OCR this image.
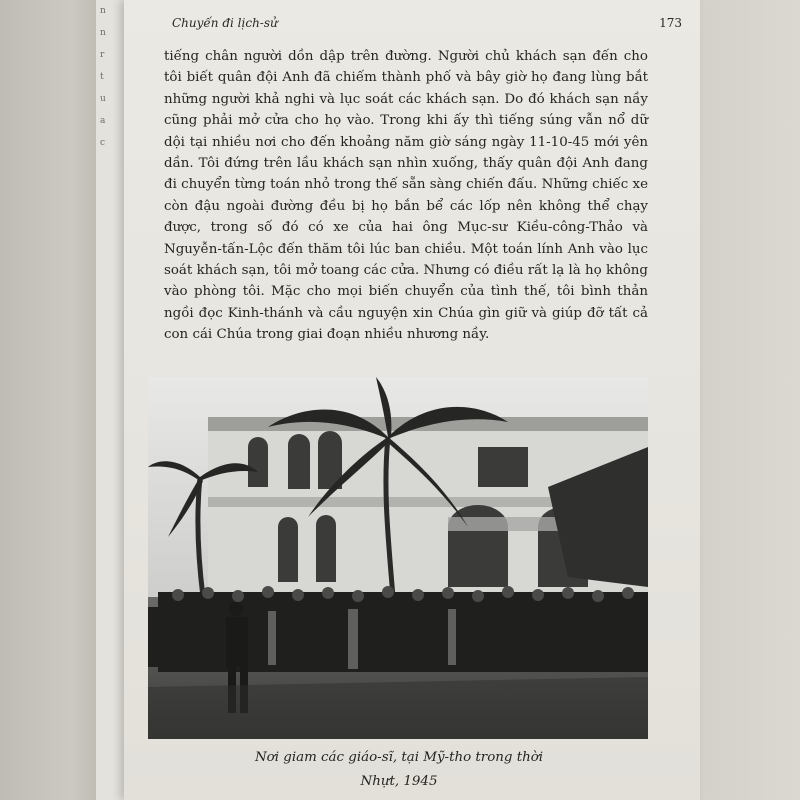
n
n
r
t
u
a
c
Chuyến đi lịch-sử	173

tiếng chân người dồn dập trên đường. Người chủ khách sạn đến cho tôi biết quân đội Anh đã chiếm thành phố và bây giờ họ đang lùng bắt những người khả nghi và lục soát các khách sạn. Do đó khách sạn nầy cũng phải mở cửa cho họ vào. Trong khi ấy thì tiếng súng vẫn nổ dữ dội tại nhiều nơi cho đến khoảng năm giờ sáng ngày 11-10-45 mới yên dần. Tôi đứng trên lầu khách sạn nhìn xuống, thấy quân đội Anh đang đi chuyển từng toán nhỏ trong thế sẵn sàng chiến đấu. Những chiếc xe còn đậu ngoài đường đều bị họ bắn bể các lốp nên không thể chạy được, trong số đó có xe của hai ông Mục-sư Kiều-công-Thảo và Nguyễn-tấn-Lộc đến thăm tôi lúc ban chiều. Một toán lính Anh vào lục soát khách sạn, tôi mở toang các cửa. Nhưng có điều rất lạ là họ không vào phòng tôi. Mặc cho mọi biến chuyển của tình thế, tôi bình thản ngồi đọc Kinh-thánh và cầu nguyện xin Chúa gìn giữ và giúp đỡ tất cả con cái Chúa trong giai đoạn nhiều nhương nầy.

Nơi giam các giáo-sĩ, tại Mỹ-tho trong thời
Nhựt, 1945
